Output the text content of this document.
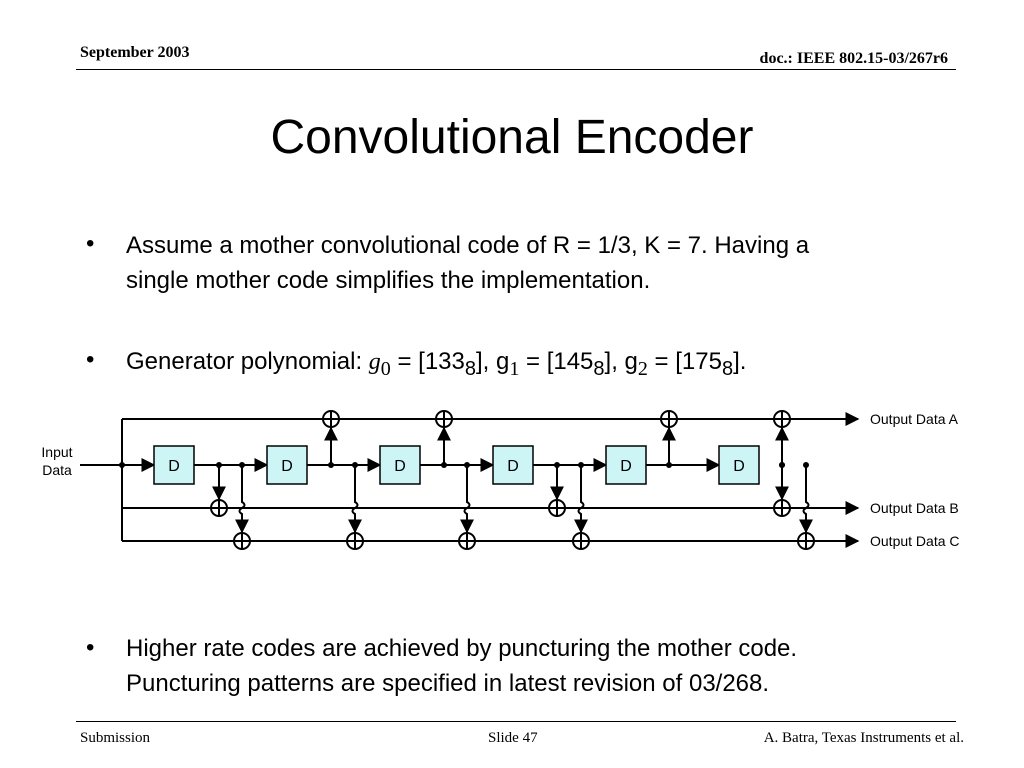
September 2003	doc.: IEEE 802.15-03/267r6
Convolutional Encoder
• Assume a mother convolutional code of R = 1/3, K = 7. Having a
single mother code simplifies the implementation.
• Generator polynomial: $g_0 = [133_8]$, $g_1 = [145_8]$, $g_2 = [175_8]$.
D	D	D	D	D	D
Input
Data
Output Data A
Output Data B
Output Data C
• Higher rate codes are achieved by puncturing the mother code.
Puncturing patterns are specified in latest revision of 03/268.
Submission	Slide 47	A. Batra, Texas Instruments et al.
